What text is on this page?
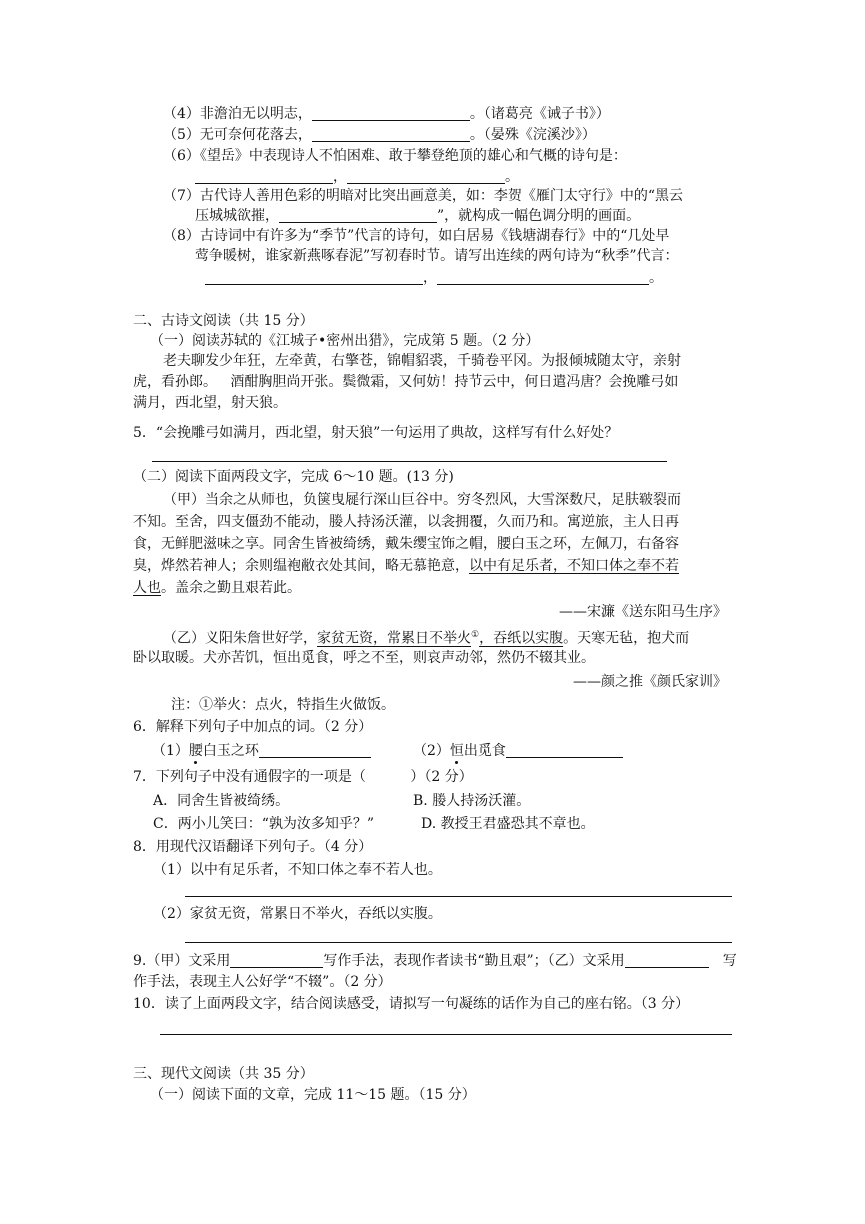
（4）非澹泊无以明志，	。（诸葛亮《诫子书》）
（5）无可奈何花落去，	。（晏殊《浣溪沙》）
（6）《望岳》中表现诗人不怕困难、敢于攀登绝顶的雄心和气概的诗句是：
，	。
（7）古代诗人善用色彩的明暗对比突出画意美，如：李贺《雁门太守行》中的“黑云
压城城欲摧，	”，就构成一幅色调分明的画面。
（8）古诗词中有许多为“季节”代言的诗句，如白居易《钱塘湖春行》中的“几处早
莺争暖树，谁家新燕啄春泥”写初春时节。请写出连续的两句诗为“秋季”代言：
，	。
二、古诗文阅读（共 15 分）
（一）阅读苏轼的《江城子•密州出猎》，完成第 5 题。（2 分）
老夫聊发少年狂，左牵黄，右擎苍，锦帽貂裘，千骑卷平冈。为报倾城随太守，亲射
虎，看孙郎。   酒酣胸胆尚开张。鬓微霜，又何妨！持节云中，何日遣冯唐？会挽雕弓如
满月，西北望，射天狼。
5．“会挽雕弓如满月，西北望，射天狼”一句运用了典故，这样写有什么好处？
（二）阅读下面两段文字，完成 6～10 题。(13 分)
（甲）当余之从师也，负箧曳屣行深山巨谷中。穷冬烈风，大雪深数尺，足肤皲裂而
不知。至舍，四支僵劲不能动，媵人持汤沃灌，以衾拥覆，久而乃和。寓逆旅，主人日再
食，无鲜肥滋味之享。同舍生皆被绮绣，戴朱缨宝饰之帽，腰白玉之环，左佩刀，右备容
臭，烨然若神人；余则缊袍敝衣处其间，略无慕艳意，以中有足乐者，不知口体之奉不若
人也。盖余之勤且艰若此。
——宋濂《送东阳马生序》
（乙）义阳朱詹世好学，家贫无资，常累日不举火①，吞纸以实腹。天寒无毡，抱犬而
卧以取暖。犬亦苦饥，恒出觅食，呼之不至，则哀声动邻，然仍不辍其业。
——颜之推《颜氏家训》
注：①举火：点火，特指生火做饭。
6．解释下列句子中加点的词。（2 分）
（1）腰白玉之环	（2）恒出觅食
7．下列句子中没有通假字的一项是（          ）（2 分）
A．同舍生皆被绮绣。	B. 媵人持汤沃灌。
C．两小儿笑曰：“孰为汝多知乎？”	D. 教授王君盛恐其不章也。
8．用现代汉语翻译下列句子。（4 分）
（1）以中有足乐者，不知口体之奉不若人也。
（2）家贫无资，常累日不举火，吞纸以实腹。
9.（甲）文采用	写作手法，表现作者读书“勤且艰”；（乙）文采用	写
作手法，表现主人公好学“不辍”。（2 分）
10．读了上面两段文字，结合阅读感受，请拟写一句凝练的话作为自己的座右铭。（3 分）
三、现代文阅读（共 35 分）
（一）阅读下面的文章，完成 11～15 题。（15 分）
